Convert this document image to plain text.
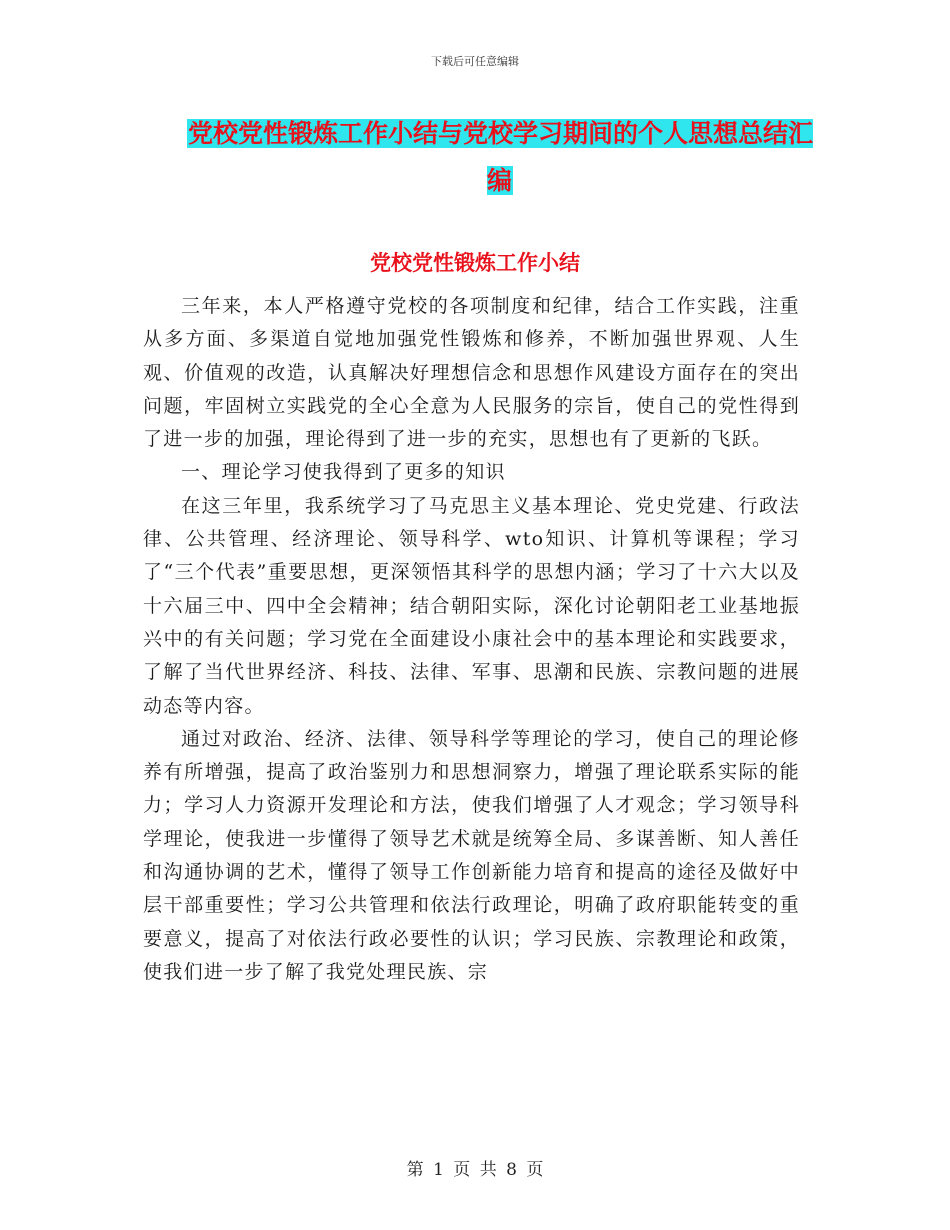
下载后可任意编辑
党校党性锻炼工作小结与党校学习期间的个人思想总结汇编
党校党性锻炼工作小结

三年来，本人严格遵守党校的各项制度和纪律，结合工作实践，注重从多方面、多渠道自觉地加强党性锻炼和修养，不断加强世界观、人生观、价值观的改造，认真解决好理想信念和思想作风建设方面存在的突出问题，牢固树立实践党的全心全意为人民服务的宗旨，使自己的党性得到了进一步的加强，理论得到了进一步的充实，思想也有了更新的飞跃。

一、理论学习使我得到了更多的知识

在这三年里，我系统学习了马克思主义基本理论、党史党建、行政法律、公共管理、经济理论、领导科学、wto知识、计算机等课程；学习了“三个代表”重要思想，更深领悟其科学的思想内涵；学习了十六大以及十六届三中、四中全会精神；结合朝阳实际，深化讨论朝阳老工业基地振兴中的有关问题；学习党在全面建设小康社会中的基本理论和实践要求，了解了当代世界经济、科技、法律、军事、思潮和民族、宗教问题的进展动态等内容。

通过对政治、经济、法律、领导科学等理论的学习，使自己的理论修养有所增强，提高了政治鉴别力和思想洞察力，增强了理论联系实际的能力；学习人力资源开发理论和方法，使我们增强了人才观念；学习领导科学理论，使我进一步懂得了领导艺术就是统筹全局、多谋善断、知人善任和沟通协调的艺术，懂得了领导工作创新能力培育和提高的途径及做好中层干部重要性；学习公共管理和依法行政理论，明确了政府职能转变的重要意义，提高了对依法行政必要性的认识；学习民族、宗教理论和政策，使我们进一步了解了我党处理民族、宗

第 1 页 共 8 页
